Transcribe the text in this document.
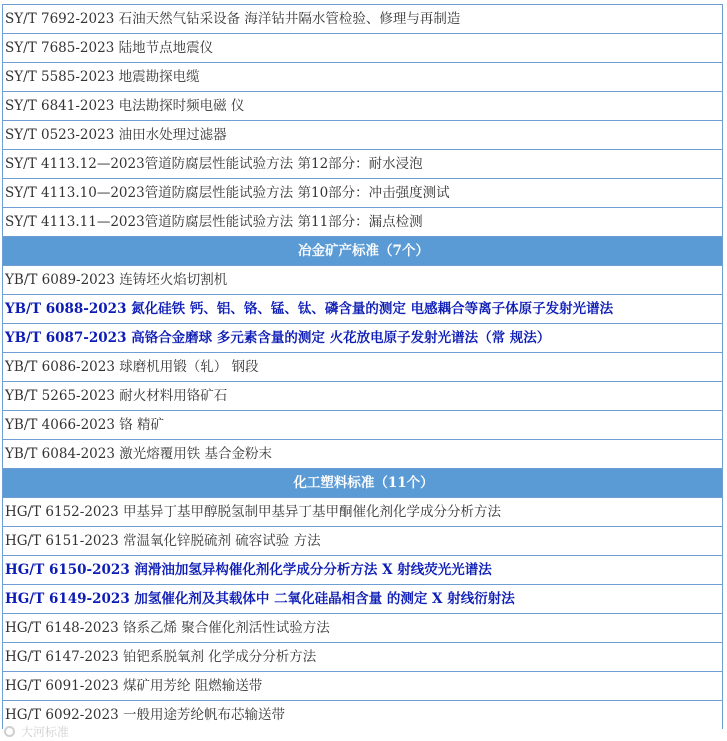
SY/T 7692-2023 石油天然气钻采设备 海洋钻井隔水管检验、修理与再制造
SY/T 7685-2023 陆地节点地震仪
SY/T 5585-2023 地震勘探电缆
SY/T 6841-2023 电法勘探时频电磁 仪
SY/T 0523-2023 油田水处理过滤器
SY/T 4113.12—2023管道防腐层性能试验方法 第12部分：耐水浸泡
SY/T 4113.10—2023管道防腐层性能试验方法 第10部分：冲击强度测试
SY/T 4113.11—2023管道防腐层性能试验方法 第11部分：漏点检测
冶金矿产标准（7个）
YB/T 6089-2023 连铸坯火焰切割机
YB/T 6088-2023 氮化硅铁 钙、铝、铬、锰、钛、磷含量的测定 电感耦合等离子体原子发射光谱法
YB/T 6087-2023 高铬合金磨球 多元素含量的测定 火花放电原子发射光谱法（常 规法）
YB/T 6086-2023 球磨机用锻（轧） 钢段
YB/T 5265-2023 耐火材料用铬矿石
YB/T 4066-2023 铬 精矿
YB/T 6084-2023 激光熔覆用铁 基合金粉末
化工塑料标准（11个）
HG/T 6152-2023 甲基异丁基甲醇脱氢制甲基异丁基甲酮催化剂化学成分分析方法
HG/T 6151-2023 常温氧化锌脱硫剂 硫容试验 方法
HG/T 6150-2023 润滑油加氢异构催化剂化学成分分析方法 X 射线荧光光谱法
HG/T 6149-2023 加氢催化剂及其载体中 二氧化硅晶相含量 的测定 X 射线衍射法
HG/T 6148-2023 铬系乙烯 聚合催化剂活性试验方法
HG/T 6147-2023 铂钯系脱氧剂 化学成分分析方法
HG/T 6091-2023 煤矿用芳纶 阻燃输送带
HG/T 6092-2023 一般用途芳纶帆布芯输送带
大河标准
